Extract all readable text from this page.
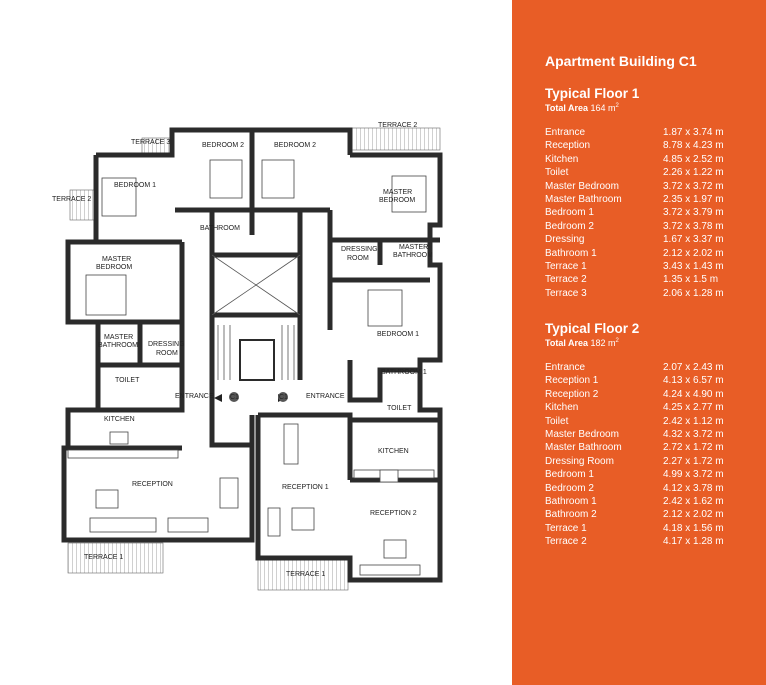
TERRACE 3
TERRACE 2
BEDROOM 2	BEDROOM 2
BEDROOM 1
TERRACE 2
MASTER
BEDROOM
BATHROOM
MASTER
BEDROOM
DRESSING
ROOM
MASTER
BATHROOM
BEDROOM 1
MASTER
BATHROOM DRESSING
ROOM
TOILET
BATHROOM 1
ENTRANCE	ENTRANCE
C1	C1
TOILET
KITCHEN
KITCHEN
RECEPTION	RECEPTION 1
RECEPTION 2
TERRACE 1
TERRACE 1
Apartment Building C1
Typical Floor 1
Total Area 164 $m^2$
Entrance	1.87 x 3.74 m
Reception	8.78 x 4.23 m
Kitchen	4.85 x 2.52 m
Toilet	2.26 x 1.22 m
Master Bedroom	3.72 x 3.72 m
Master Bathroom	2.35 x 1.97 m
Bedroom 1	3.72 x 3.79 m
Bedroom 2	3.72 x 3.78 m
Dressing	1.67 x 3.37 m
Bathroom 1	2.12 x 2.02 m
Terrace 1	3.43 x 1.43 m
Terrace 2	1.35 x 1.5 m
Terrace 3	2.06 x 1.28 m
Typical Floor 2
Total Area 182 $m^2$
Entrance	2.07 x 2.43 m
Reception 1	4.13 x 6.57 m
Reception 2	4.24 x 4.90 m
Kitchen	4.25 x 2.77 m
Toilet	2.42 x 1.12 m
Master Bedroom	4.32 x 3.72 m
Master Bathroom	2.72 x 1.72 m
Dressing Room	2.27 x 1.72 m
Bedroom 1	4.99 x 3.72 m
Bedroom 2	4.12 x 3.78 m
Bathroom 1	2.42 x 1.62 m
Bathroom 2	2.12 x 2.02 m
Terrace 1	4.18 x 1.56 m
Terrace 2	4.17 x 1.28 m
